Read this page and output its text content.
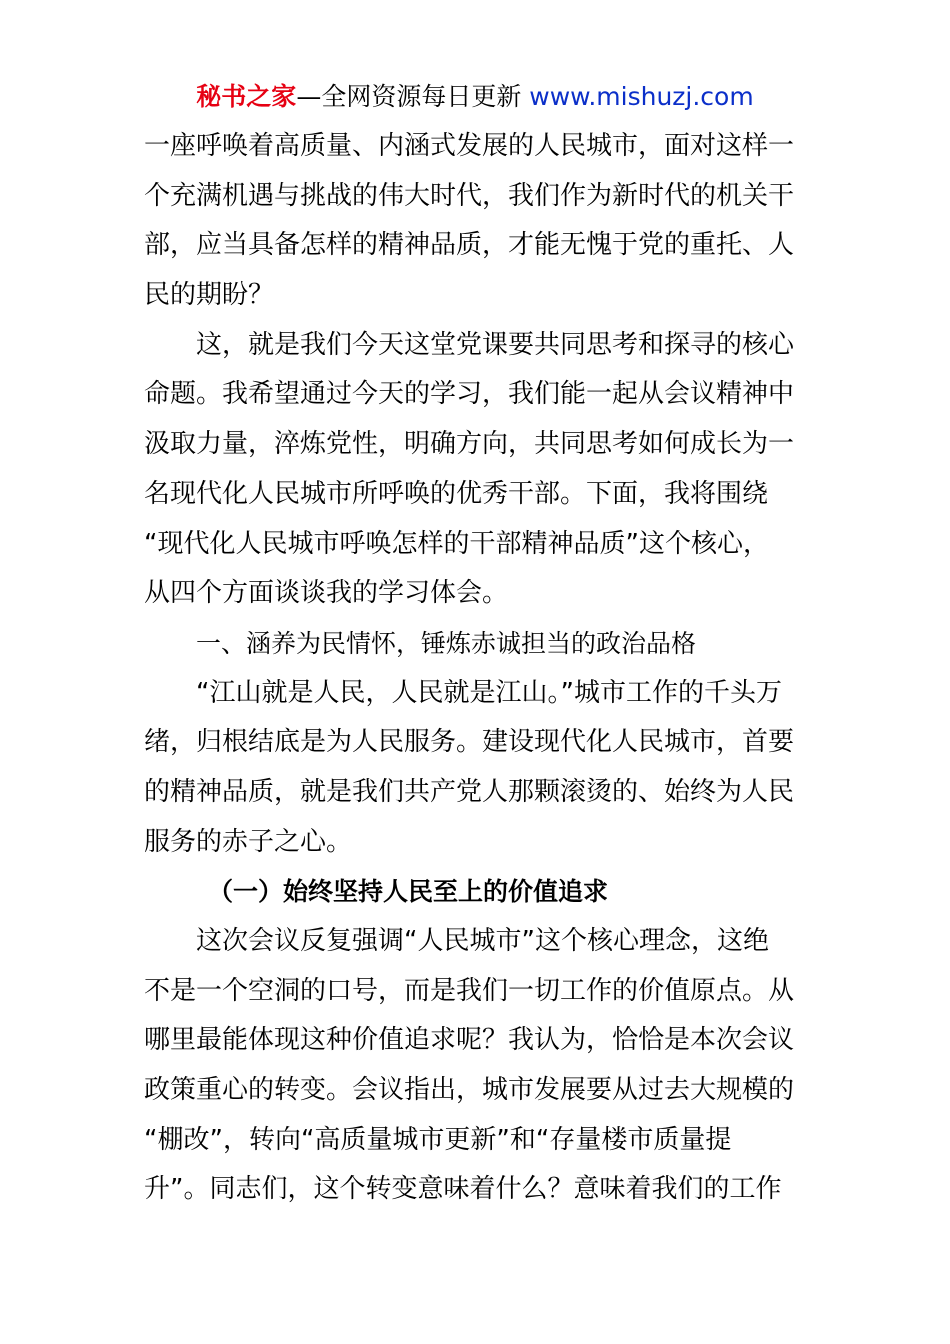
秘书之家—全网资源每日更新 www.mishuzj.com
一座呼唤着高质量、内涵式发展的人民城市，面对这样一
个充满机遇与挑战的伟大时代，我们作为新时代的机关干
部，应当具备怎样的精神品质，才能无愧于党的重托、人
民的期盼？
这，就是我们今天这堂党课要共同思考和探寻的核心
命题。我希望通过今天的学习，我们能一起从会议精神中
汲取力量，淬炼党性，明确方向，共同思考如何成长为一
名现代化人民城市所呼唤的优秀干部。下面，我将围绕
“现代化人民城市呼唤怎样的干部精神品质”这个核心，
从四个方面谈谈我的学习体会。
一、涵养为民情怀，锤炼赤诚担当的政治品格
“江山就是人民，人民就是江山。”城市工作的千头万
绪，归根结底是为人民服务。建设现代化人民城市，首要
的精神品质，就是我们共产党人那颗滚烫的、始终为人民
服务的赤子之心。
（一）始终坚持人民至上的价值追求
这次会议反复强调“人民城市”这个核心理念，这绝
不是一个空洞的口号，而是我们一切工作的价值原点。从
哪里最能体现这种价值追求呢？我认为，恰恰是本次会议
政策重心的转变。会议指出，城市发展要从过去大规模的
“棚改”，转向“高质量城市更新”和“存量楼市质量提
升”。同志们，这个转变意味着什么？意味着我们的工作
